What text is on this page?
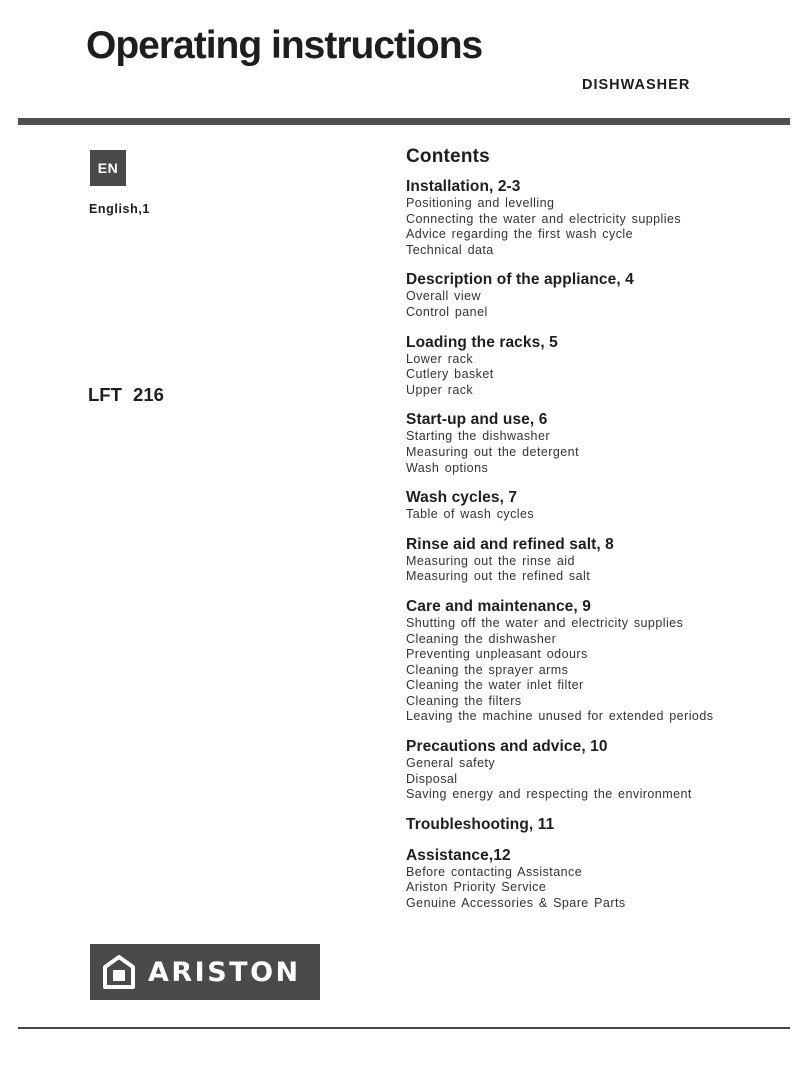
Operating instructions
DISHWASHER
EN
English,1
LFT 216
Contents
Installation, 2-3
Positioning and levelling
Connecting the water and electricity supplies
Advice regarding the first wash cycle
Technical data
Description of the appliance, 4
Overall view
Control panel
Loading the racks, 5
Lower rack
Cutlery basket
Upper rack
Start-up and use, 6
Starting the dishwasher
Measuring out the detergent
Wash options
Wash cycles, 7
Table of wash cycles
Rinse aid and refined salt, 8
Measuring out the rinse aid
Measuring out the refined salt
Care and maintenance, 9
Shutting off the water and electricity supplies
Cleaning the dishwasher
Preventing unpleasant odours
Cleaning the sprayer arms
Cleaning the water inlet filter
Cleaning the filters
Leaving the machine unused for extended periods
Precautions and advice, 10
General safety
Disposal
Saving energy and respecting the environment
Troubleshooting, 11
Assistance,12
Before contacting Assistance
Ariston Priority Service
Genuine Accessories & Spare Parts
ARISTON
